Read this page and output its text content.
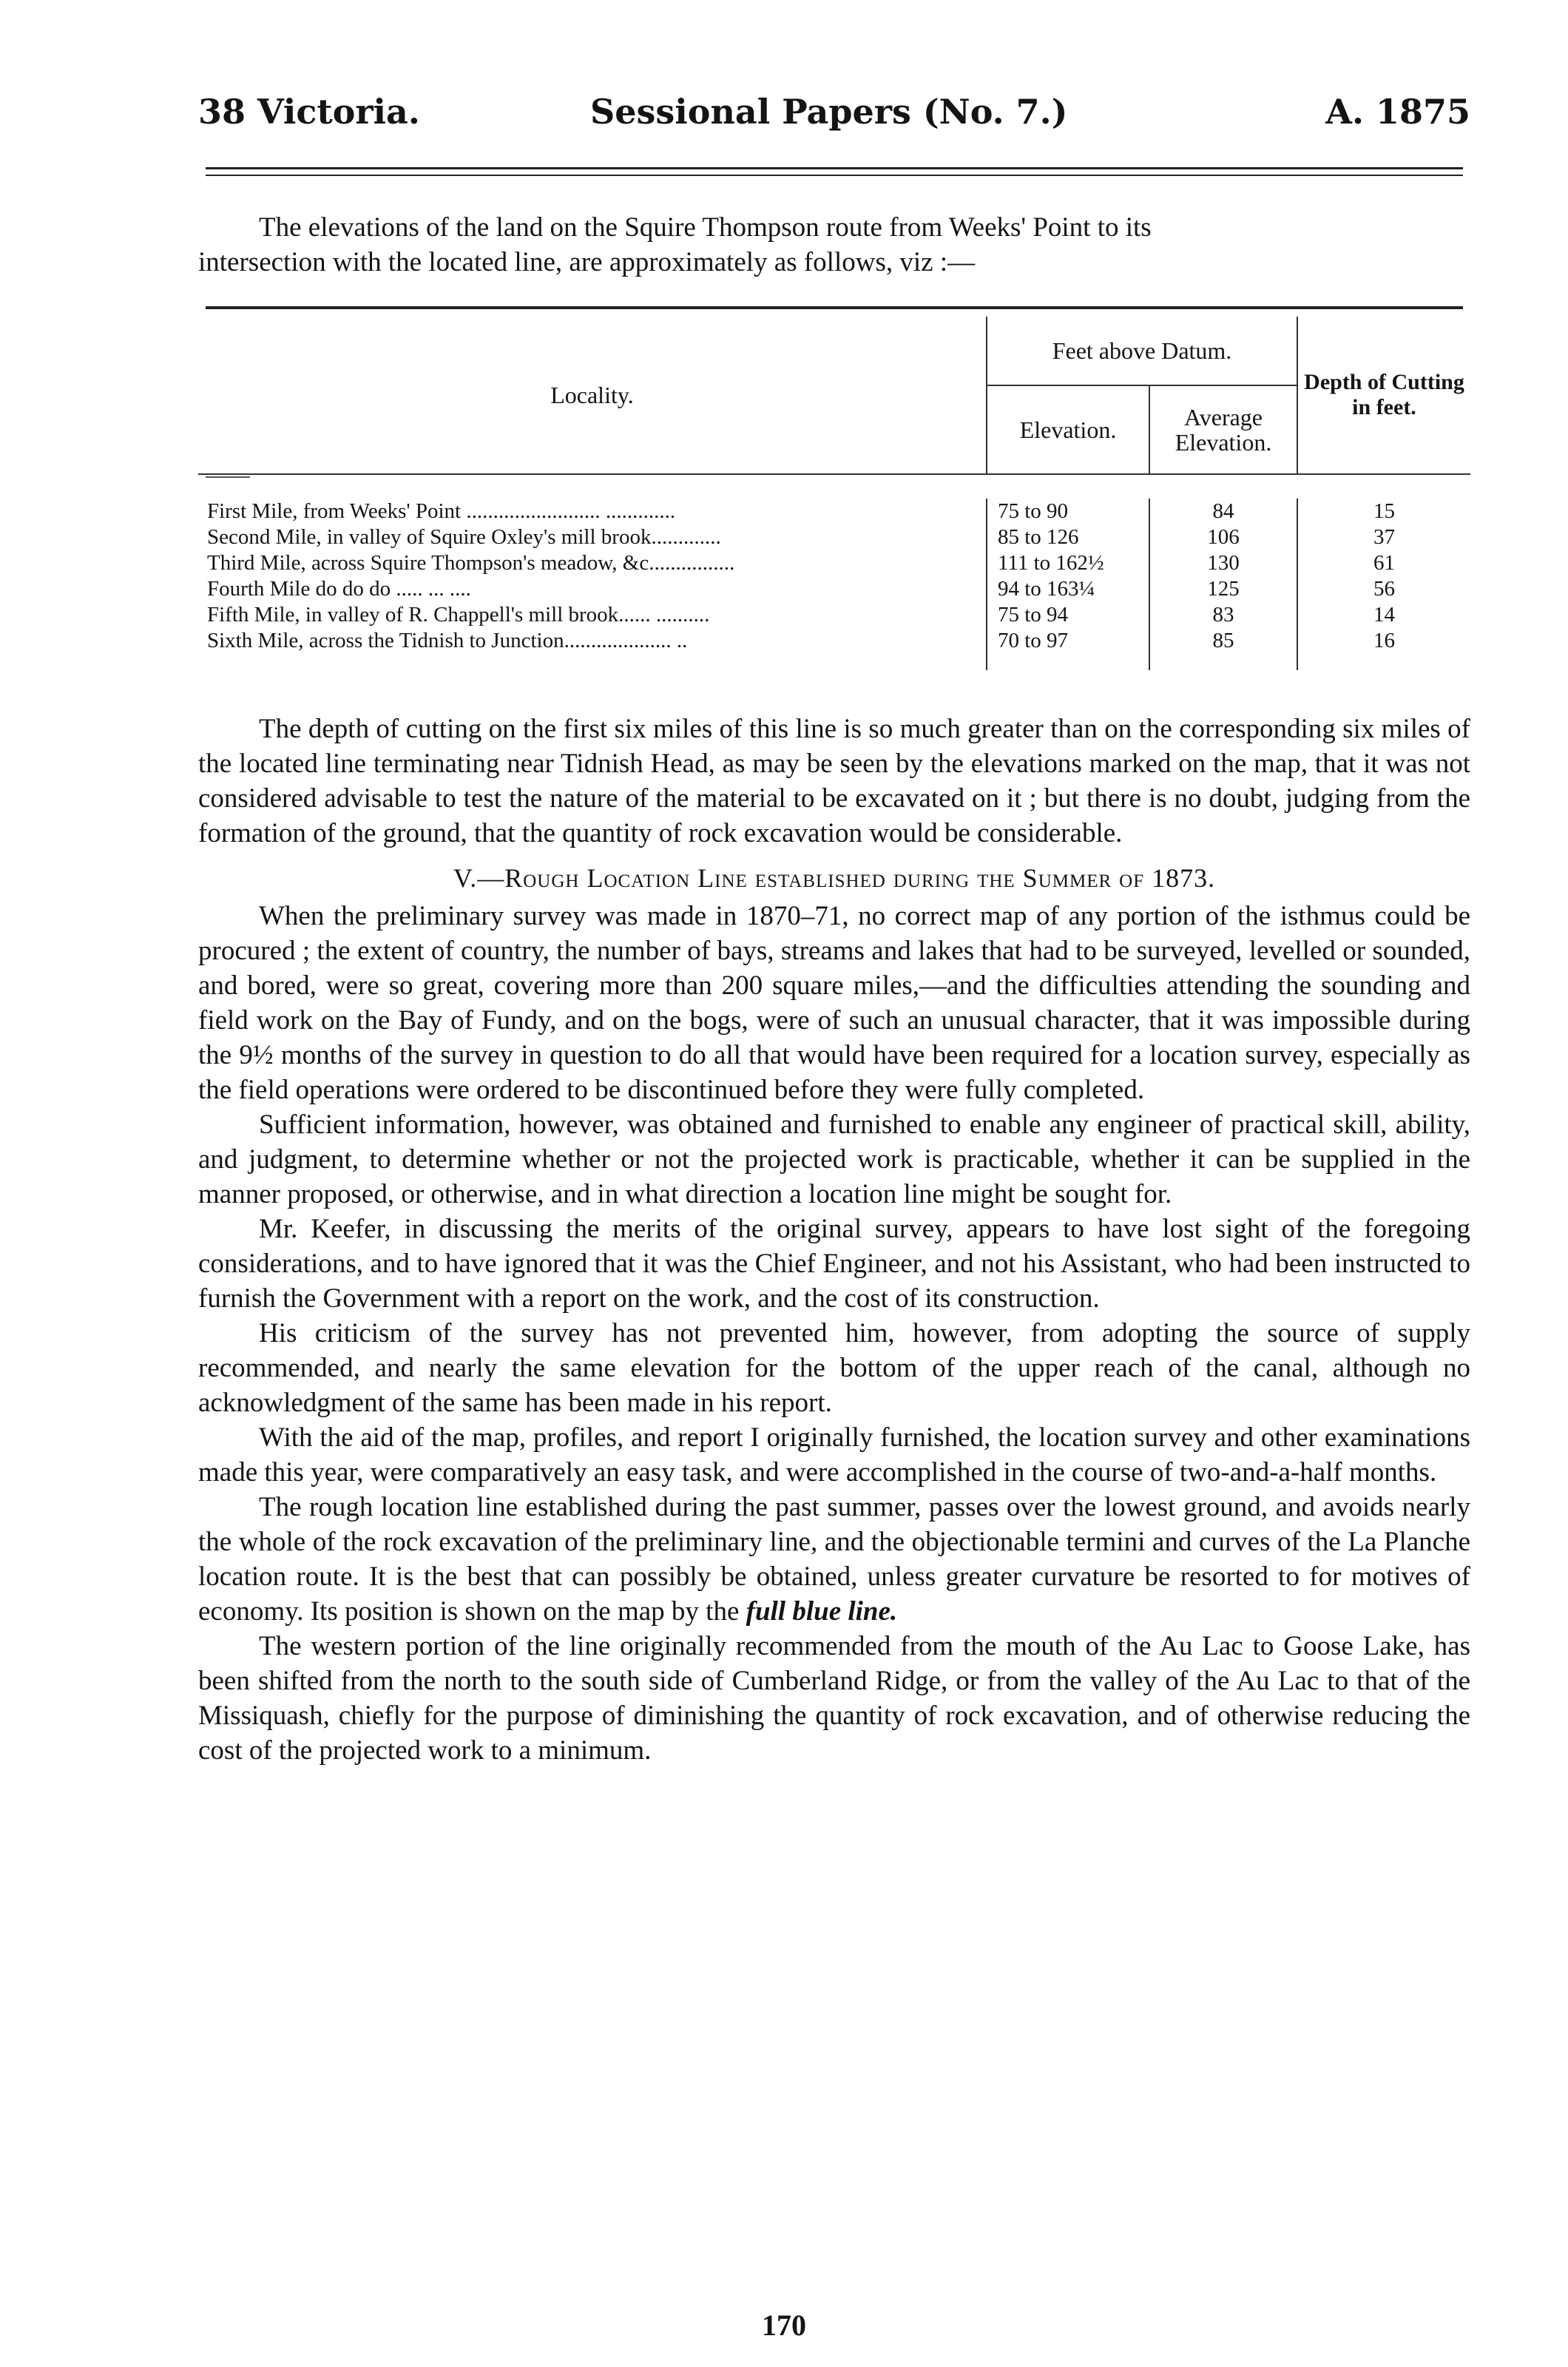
38 Victoria.	Sessional Papers (No. 7.)	A. 1875

The elevations of the land on the Squire Thompson route from Weeks' Point to its

intersection with the located line, are approximately as follows, viz :—

Locality.	Feet above Datum.		Depth of Cutting in feet.
	Elevation.	Average Elevation.	

First Mile, from Weeks' Point ......................... .............	75 to 90	84	15
Second Mile, in valley of Squire Oxley's mill brook.............	85 to 126	106	37
Third Mile, across Squire Thompson's meadow, &c................	111 to 162½	130	61
Fourth Mile do do do ..... ... ....	94 to 163¼	125	56
Fifth Mile, in valley of R. Chappell's mill brook...... ..........	75 to 94	83	14
Sixth Mile, across the Tidnish to Junction.................... ..	70 to 97	85	16

The depth of cutting on the first six miles of this line is so much greater than on the corresponding six miles of the located line terminating near Tidnish Head, as may be seen by the elevations marked on the map, that it was not considered advisable to test the nature of the material to be excavated on it ; but there is no doubt, judging from the formation of the ground, that the quantity of rock excavation would be considerable.

V.—Rough Location Line established during the Summer of 1873.

When the preliminary survey was made in 1870–71, no correct map of any portion of the isthmus could be procured ; the extent of country, the number of bays, streams and lakes that had to be surveyed, levelled or sounded, and bored, were so great, covering more than 200 square miles,—and the difficulties attending the sounding and field work on the Bay of Fundy, and on the bogs, were of such an unusual character, that it was impossible during the 9½ months of the survey in question to do all that would have been required for a location survey, especially as the field operations were ordered to be discontinued before they were fully completed.

Sufficient information, however, was obtained and furnished to enable any engineer of practical skill, ability, and judgment, to determine whether or not the projected work is practicable, whether it can be supplied in the manner proposed, or otherwise, and in what direction a location line might be sought for.

Mr. Keefer, in discussing the merits of the original survey, appears to have lost sight of the foregoing considerations, and to have ignored that it was the Chief Engineer, and not his Assistant, who had been instructed to furnish the Government with a report on the work, and the cost of its construction.

His criticism of the survey has not prevented him, however, from adopting the source of supply recommended, and nearly the same elevation for the bottom of the upper reach of the canal, although no acknowledgment of the same has been made in his report.

With the aid of the map, profiles, and report I originally furnished, the location survey and other examinations made this year, were comparatively an easy task, and were accomplished in the course of two-and-a-half months.

The rough location line established during the past summer, passes over the lowest ground, and avoids nearly the whole of the rock excavation of the preliminary line, and the objectionable termini and curves of the La Planche location route. It is the best that can possibly be obtained, unless greater curvature be resorted to for motives of economy. Its position is shown on the map by the full blue line.

The western portion of the line originally recommended from the mouth of the Au Lac to Goose Lake, has been shifted from the north to the south side of Cumberland Ridge, or from the valley of the Au Lac to that of the Missiquash, chiefly for the purpose of diminishing the quantity of rock excavation, and of otherwise reducing the cost of the projected work to a minimum.

170
